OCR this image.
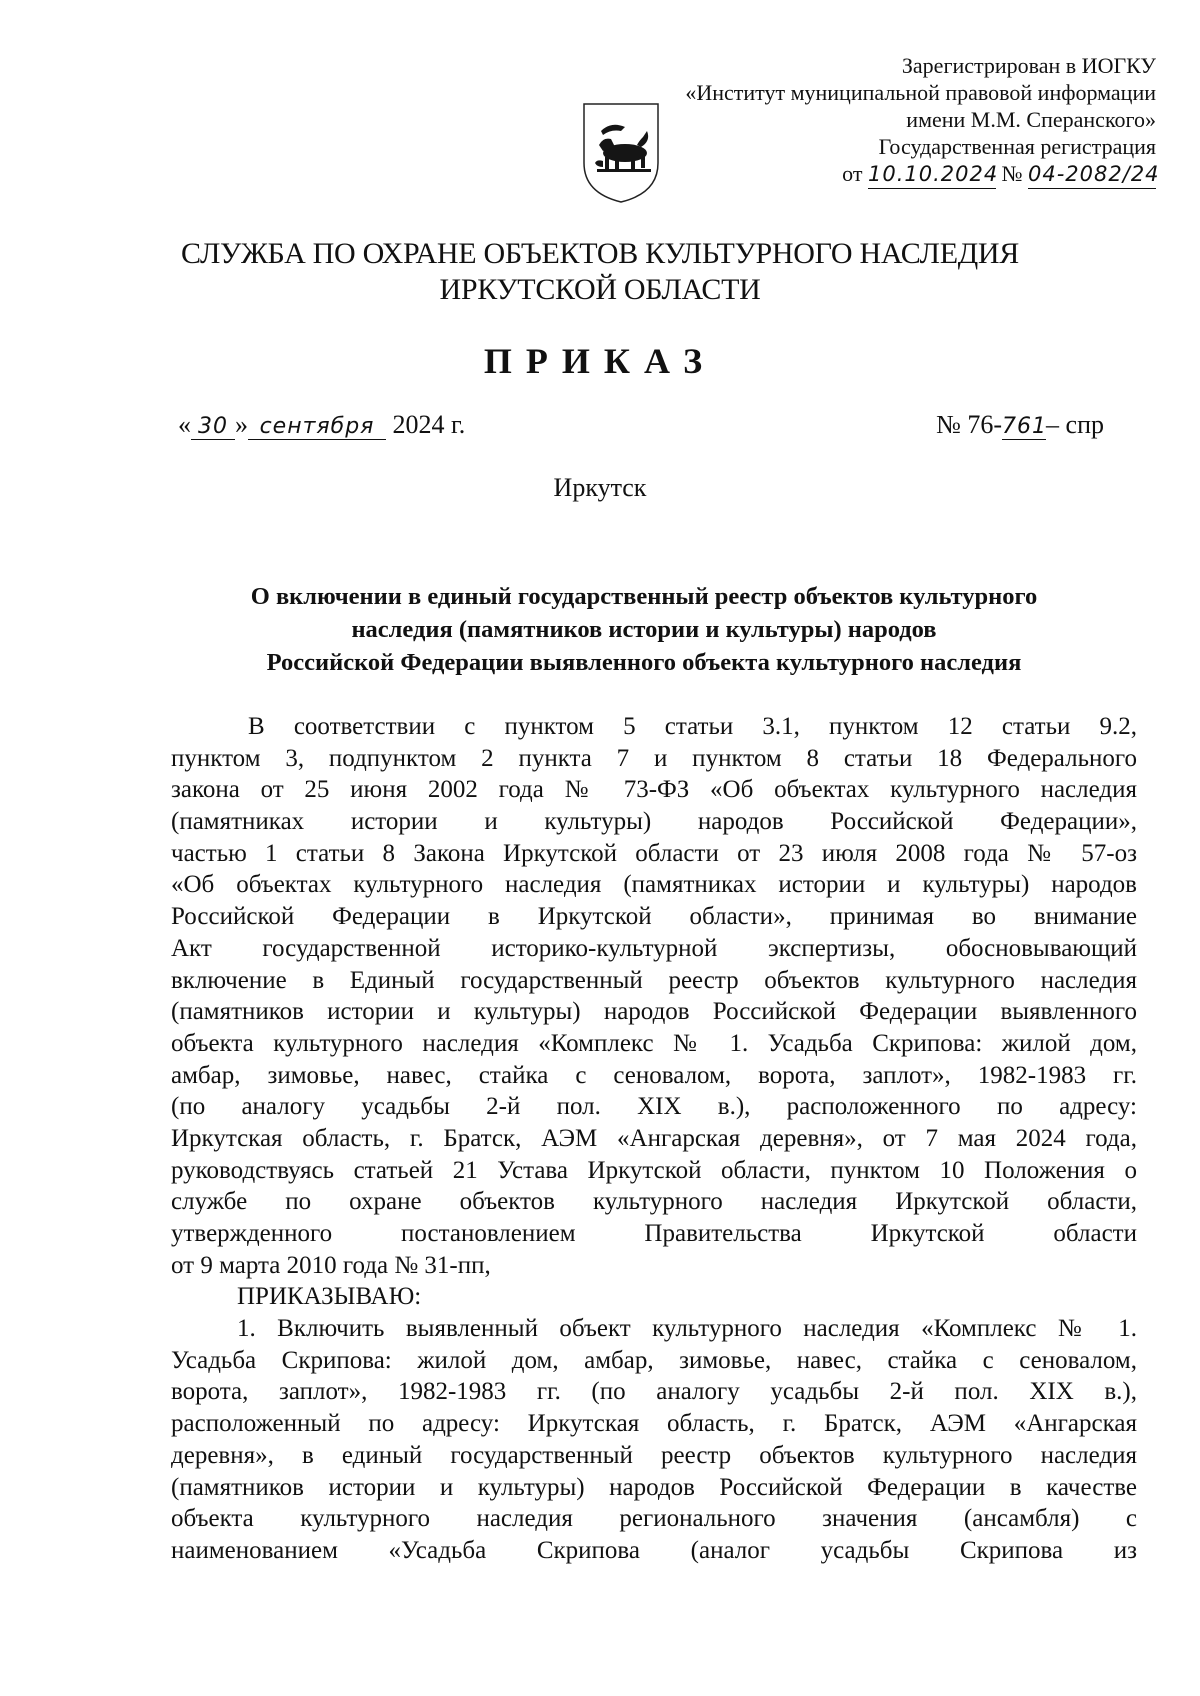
Зарегистрирован в ИОГКУ
«Институт муниципальной правовой информации
имени М.М. Сперанского»
Государственная регистрация
от 10.10.2024 № 04-2082/24
СЛУЖБА ПО ОХРАНЕ ОБЪЕКТОВ КУЛЬТУРНОГО НАСЛЕДИЯ
ИРКУТСКОЙ ОБЛАСТИ
ПРИКАЗ
« 30 » сентября 2024 г.	№ 76-761– спр
Иркутск
О включении в единый государственный реестр объектов культурного
наследия (памятников истории и культуры) народов
Российской Федерации выявленного объекта культурного наследия
В соответствии с пунктом 5 статьи 3.1, пунктом 12 статьи 9.2,
пунктом 3, подпунктом 2 пункта 7 и пунктом 8 статьи 18 Федерального
закона от 25 июня 2002 года № 73-ФЗ «Об объектах культурного наследия
(памятниках истории и культуры) народов Российской Федерации»,
частью 1 статьи 8 Закона Иркутской области от 23 июля 2008 года № 57-оз
«Об объектах культурного наследия (памятниках истории и культуры) народов
Российской Федерации в Иркутской области», принимая во внимание
Акт государственной историко-культурной экспертизы, обосновывающий
включение в Единый государственный реестр объектов культурного наследия
(памятников истории и культуры) народов Российской Федерации выявленного
объекта культурного наследия «Комплекс № 1. Усадьба Скрипова: жилой дом,
амбар, зимовье, навес, стайка с сеновалом, ворота, заплот», 1982-1983 гг.
(по аналогу усадьбы 2-й пол. XIX в.), расположенного по адресу:
Иркутская область, г. Братск, АЭМ «Ангарская деревня», от 7 мая 2024 года,
руководствуясь статьей 21 Устава Иркутской области, пунктом 10 Положения о
службе по охране объектов культурного наследия Иркутской области,
утвержденного постановлением Правительства Иркутской области
от 9 марта 2010 года № 31-пп,
ПРИКАЗЫВАЮ:
1. Включить выявленный объект культурного наследия «Комплекс № 1.
Усадьба Скрипова: жилой дом, амбар, зимовье, навес, стайка с сеновалом,
ворота, заплот», 1982-1983 гг. (по аналогу усадьбы 2-й пол. XIX в.),
расположенный по адресу: Иркутская область, г. Братск, АЭМ «Ангарская
деревня», в единый государственный реестр объектов культурного наследия
(памятников истории и культуры) народов Российской Федерации в качестве
объекта культурного наследия регионального значения (ансамбля) с
наименованием «Усадьба Скрипова (аналог усадьбы Скрипова из
